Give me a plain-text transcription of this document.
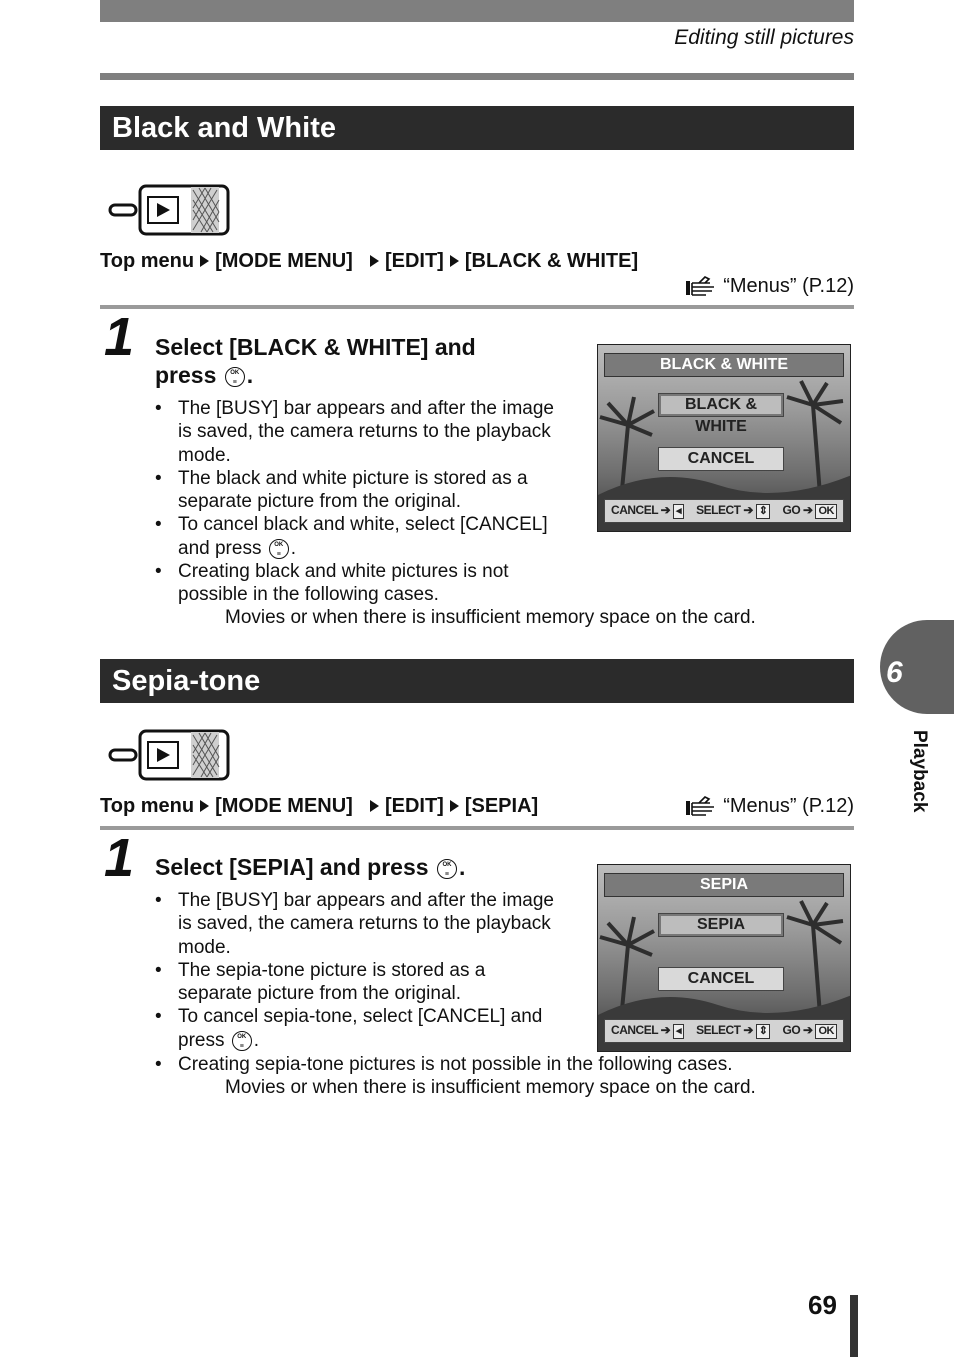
Editing still pictures
Black and White
Top menu [MODE MENU] [EDIT] [BLACK & WHITE]
“Menus” (P.12)
1 Select [BLACK & WHITE] and press	OK
≡ .
• The [BUSY] bar appears and after the image is saved, the camera returns to the playback mode.
• The black and white picture is stored as a separate picture from the original.
• To cancel black and white, select [CANCEL] and press	OK
≡ .
• Creating black and white pictures is not possible in the following cases.
Movies or when there is insufficient memory space on the card.
BLACK & WHITE
BLACK & WHITE
CANCEL
CANCEL ➔ ◂ SELECT ➔ ⇕ GO ➔ OK
Sepia-tone
Top menu [MODE MENU] [EDIT] [SEPIA]	“Menus” (P.12)
1 Select [SEPIA] and press	OK
≡ .
• The [BUSY] bar appears and after the image is saved, the camera returns to the playback mode.
• The sepia-tone picture is stored as a separate picture from the original.
• To cancel sepia-tone, select [CANCEL] and press	OK
≡ .
• Creating sepia-tone pictures is not possible in the following cases.
Movies or when there is insufficient memory space on the card.
SEPIA
SEPIA
CANCEL
CANCEL ➔ ◂ SELECT ➔ ⇕ GO ➔ OK
6
Playback
69
